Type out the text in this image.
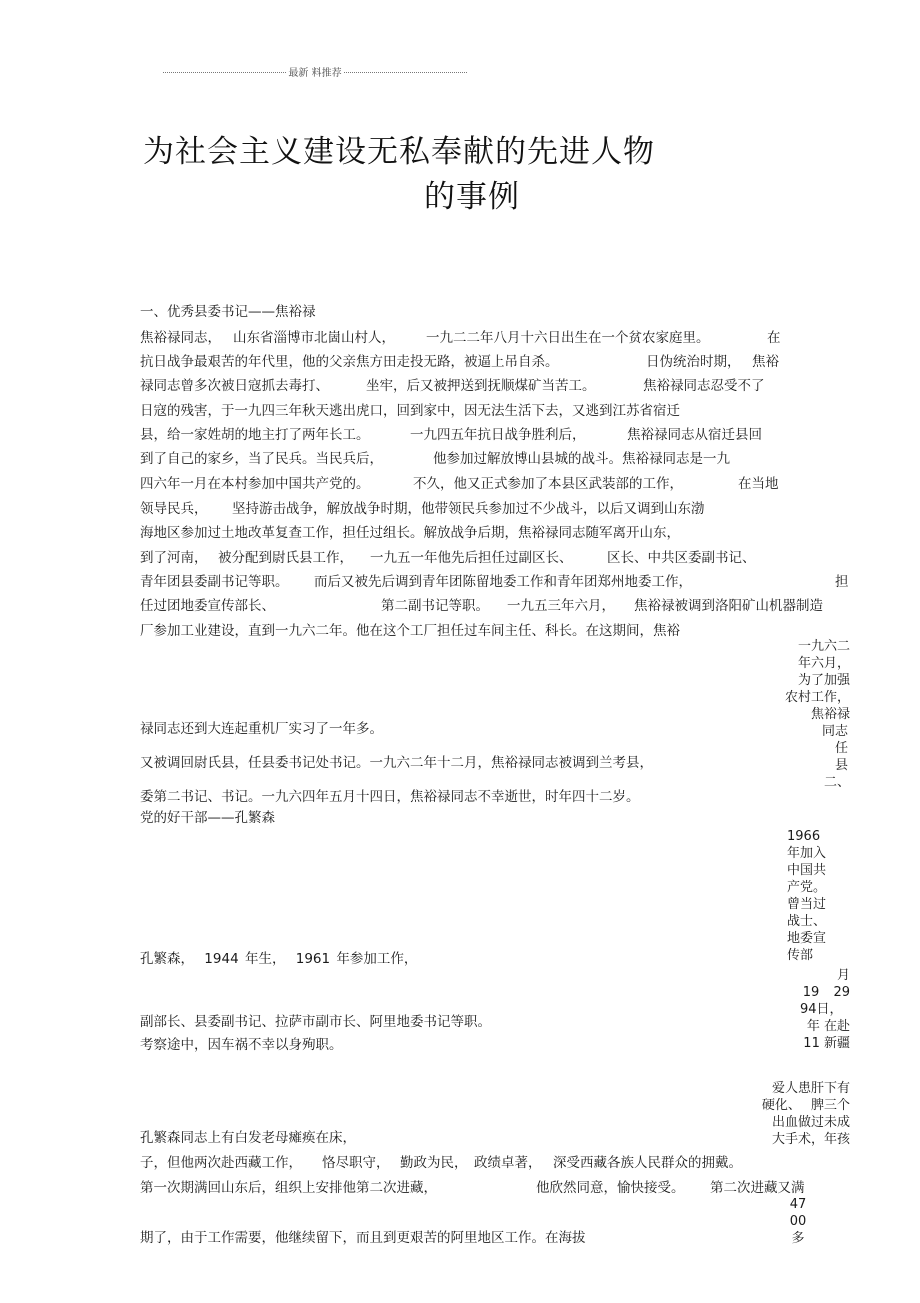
最新 料推荐
为社会主义建设无私奉献的先进人物
的事例
一、优秀县委书记——焦裕禄
焦裕禄同志， 山东省淄博市北崮山村人， 一九二二年八月十六日出生在一个贫农家庭里。	在
抗日战争最艰苦的年代里，他的父亲焦方田走投无路，被逼上吊自杀。	日伪统治时期， 焦裕
禄同志曾多次被日寇抓去毒打、	坐牢，后又被押送到抚顺煤矿当苦工。	焦裕禄同志忍受不了
日寇的残害，于一九四三年秋天逃出虎口，回到家中，因无法生活下去，又逃到江苏省宿迁
县，给一家姓胡的地主打了两年长工。	一九四五年抗日战争胜利后，	焦裕禄同志从宿迁县回
到了自己的家乡，当了民兵。当民兵后，	他参加过解放博山县城的战斗。焦裕禄同志是一九
四六年一月在本村参加中国共产党的。	不久，他又正式参加了本县区武装部的工作，	在当地
领导民兵， 坚持游击战争，解放战争时期，他带领民兵参加过不少战斗，以后又调到山东渤
海地区参加过土地改革复查工作，担任过组长。解放战争后期，焦裕禄同志随军离开山东，
到了河南， 被分配到尉氏县工作， 一九五一年他先后担任过副区长、	区长、中共区委副书记、
青年团县委副书记等职。 而后又被先后调到青年团陈留地委工作和青年团郑州地委工作，	担
任过团地委宣传部长、	第二副书记等职。 一九五三年六月， 焦裕禄被调到洛阳矿山机器制造
厂参加工业建设，直到一九六二年。他在这个工厂担任过车间主任、科长。在这期间，焦裕
禄同志还到大连起重机厂实习了一年多。
又被调回尉氏县，任县委书记处书记。一九六二年十二月，焦裕禄同志被调到兰考县，
委第二书记、书记。一九六四年五月十四日，焦裕禄同志不幸逝世，时年四十二岁。
党的好干部——孔繁森
孔繁森， 1944 年生， 1961 年参加工作，
副部长、县委副书记、拉萨市副市长、阿里地委书记等职。
考察途中，因车祸不幸以身殉职。
孔繁森同志上有白发老母瘫痪在床，
子，但他两次赴西藏工作， 恪尽职守， 勤政为民， 政绩卓著， 深受西藏各族人民群众的拥戴。
第一次期满回山东后，组织上安排他第二次进藏，	他欣然同意，愉快接受。 第二次进藏又满
期了，由于工作需要，他继续留下，而且到更艰苦的阿里地区工作。在海拔
一九六二
年六月，
为了加强
农村工作，
焦裕禄
同志
任
县
二、
1966
年加入
中国共
产党。
曾当过
战士、
地委宣
传部
月
19 29
94日，
年 在赴
11 新疆
爱人患肝下有
硬化、 脾三个
出血做过未成
大手术，年孩
47
00
多
